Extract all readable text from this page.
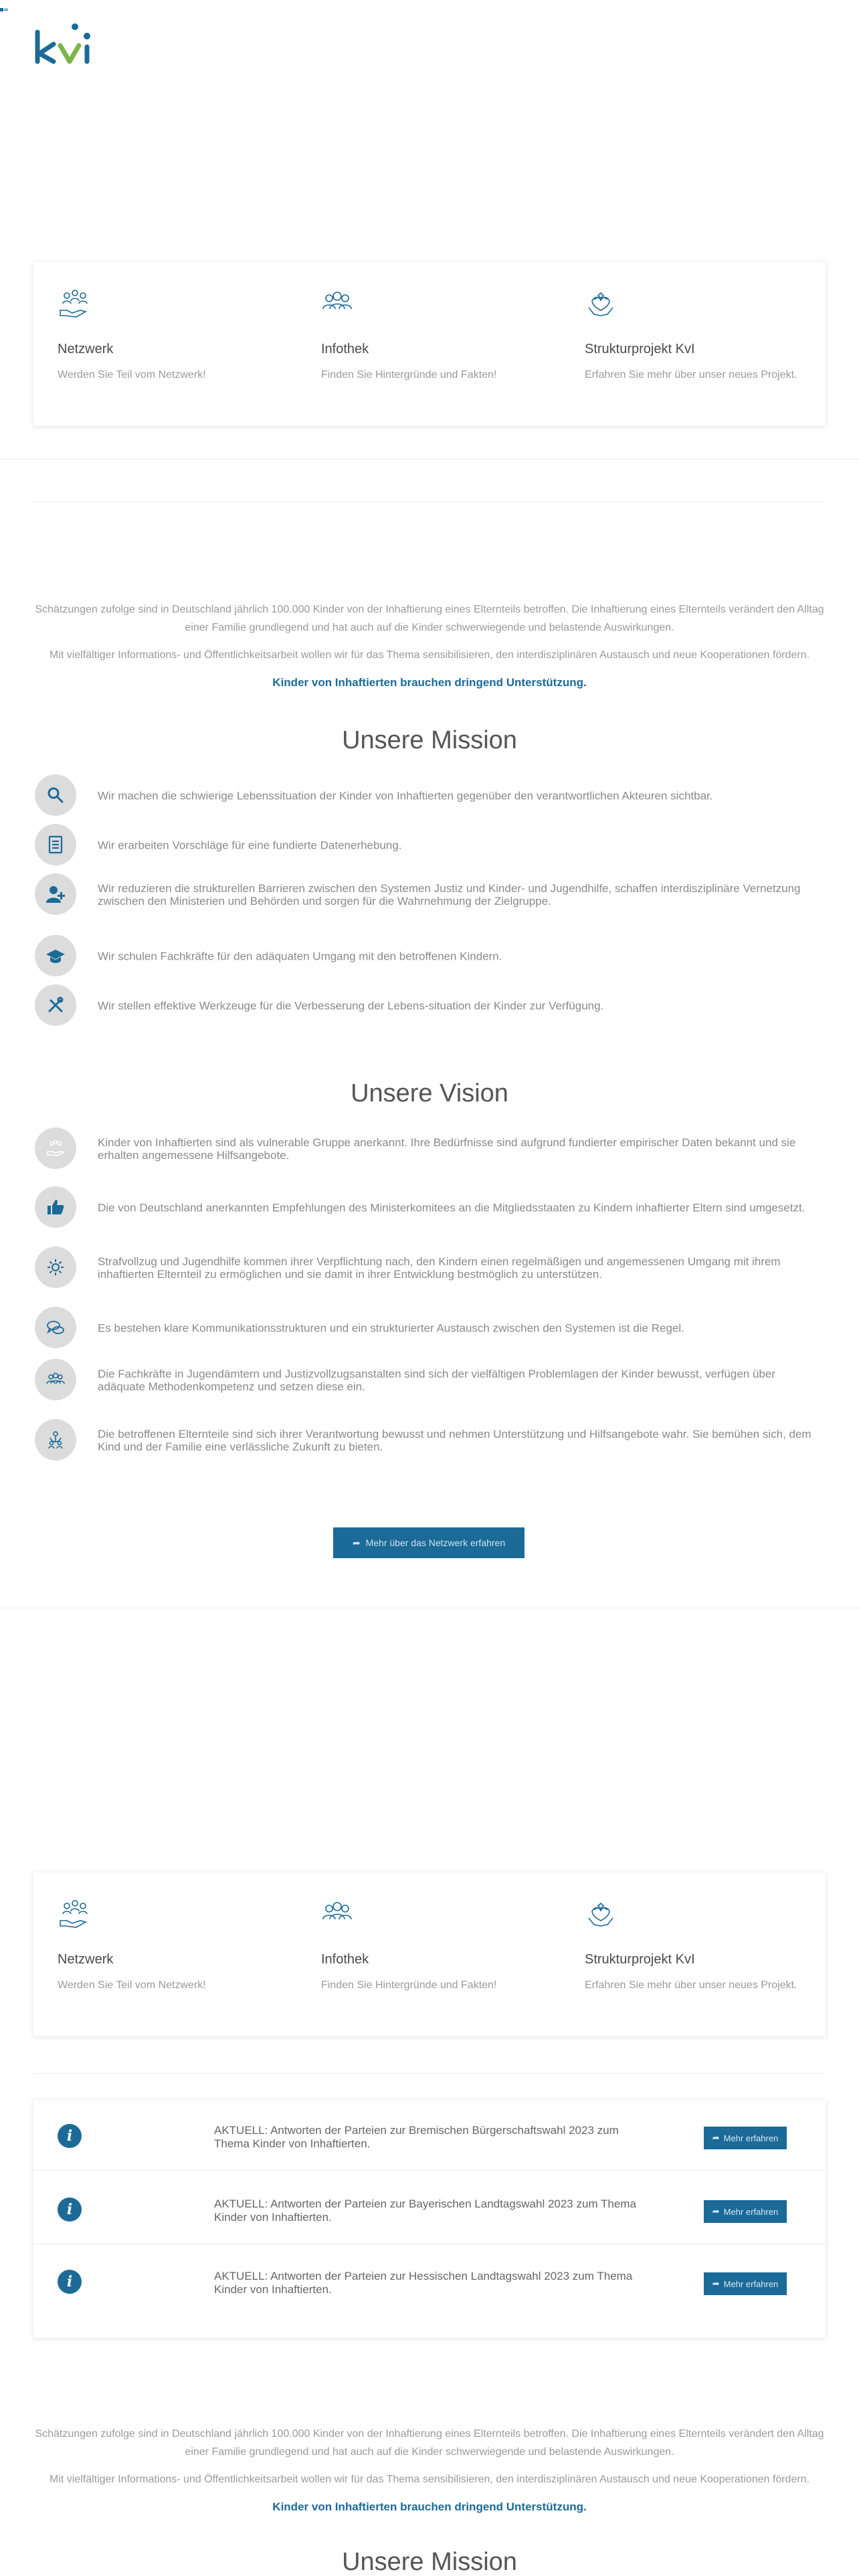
Netzwerk
Werden Sie Teil vom Netzwerk!
Infothek
Finden Sie Hintergründe und Fakten!
Strukturprojekt KvI
Erfahren Sie mehr über unser neues Projekt.

Schätzungen zufolge sind in Deutschland jährlich 100.000 Kinder von der Inhaftierung eines Elternteils betroffen. Die Inhaftierung eines Elternteils verändert den Alltag einer Familie grundlegend und hat auch auf die Kinder schwerwiegende und belastende Auswirkungen.

Mit vielfältiger Informations- und Öffentlichkeitsarbeit wollen wir für das Thema sensibilisieren, den interdisziplinären Austausch und neue Kooperationen fördern.

Kinder von Inhaftierten brauchen dringend Unterstützung.
Unsere Mission
Wir machen die schwierige Lebenssituation der Kinder von Inhaftierten gegenüber den verantwortlichen Akteuren sichtbar.
Wir erarbeiten Vorschläge für eine fundierte Datenerhebung.
Wir reduzieren die strukturellen Barrieren zwischen den Systemen Justiz und Kinder- und Jugendhilfe, schaffen interdisziplinäre Vernetzung zwischen den Ministerien und Behörden und sorgen für die Wahrnehmung der Zielgruppe.
Wir schulen Fachkräfte für den adäquaten Umgang mit den betroffenen Kindern.
Wir stellen effektive Werkzeuge für die Verbesserung der Lebens-situation der Kinder zur Verfügung.
Unsere Vision
Kinder von Inhaftierten sind als vulnerable Gruppe anerkannt. Ihre Bedürfnisse sind aufgrund fundierter empirischer Daten bekannt und sie erhalten angemessene Hilfsangebote.
Die von Deutschland anerkannten Empfehlungen des Ministerkomitees an die Mitgliedsstaaten zu Kindern inhaftierter Eltern sind umgesetzt.
Strafvollzug und Jugendhilfe kommen ihrer Verpflichtung nach, den Kindern einen regelmäßigen und angemessenen Umgang mit ihrem inhaftierten Elternteil zu ermöglichen und sie damit in ihrer Entwicklung bestmöglich zu unterstützen.
Es bestehen klare Kommunikationsstrukturen und ein strukturierter Austausch zwischen den Systemen ist die Regel.
Die Fachkräfte in Jugendämtern und Justizvollzugsanstalten sind sich der vielfältigen Problemlagen der Kinder bewusst, verfügen über adäquate Methodenkompetenz und setzen diese ein.
Die betroffenen Elternteile sind sich ihrer Verantwortung bewusst und nehmen Unterstützung und Hilfsangebote wahr. Sie bemühen sich, dem Kind und der Familie eine verlässliche Zukunft zu bieten.
➦ Mehr über das Netzwerk erfahren
Netzwerk
Werden Sie Teil vom Netzwerk!
Infothek
Finden Sie Hintergründe und Fakten!
Strukturprojekt KvI
Erfahren Sie mehr über unser neues Projekt.
i	AKTUELL: Antworten der Parteien zur Bremischen Bürgerschaftswahl 2023 zum Thema Kinder von Inhaftierten.	➦ Mehr erfahren
i	AKTUELL: Antworten der Parteien zur Bayerischen Landtagswahl 2023 zum Thema Kinder von Inhaftierten.	➦ Mehr erfahren
i	AKTUELL: Antworten der Parteien zur Hessischen Landtagswahl 2023 zum Thema Kinder von Inhaftierten.	➦ Mehr erfahren

Schätzungen zufolge sind in Deutschland jährlich 100.000 Kinder von der Inhaftierung eines Elternteils betroffen. Die Inhaftierung eines Elternteils verändert den Alltag einer Familie grundlegend und hat auch auf die Kinder schwerwiegende und belastende Auswirkungen.

Mit vielfältiger Informations- und Öffentlichkeitsarbeit wollen wir für das Thema sensibilisieren, den interdisziplinären Austausch und neue Kooperationen fördern.

Kinder von Inhaftierten brauchen dringend Unterstützung.
Unsere Mission
